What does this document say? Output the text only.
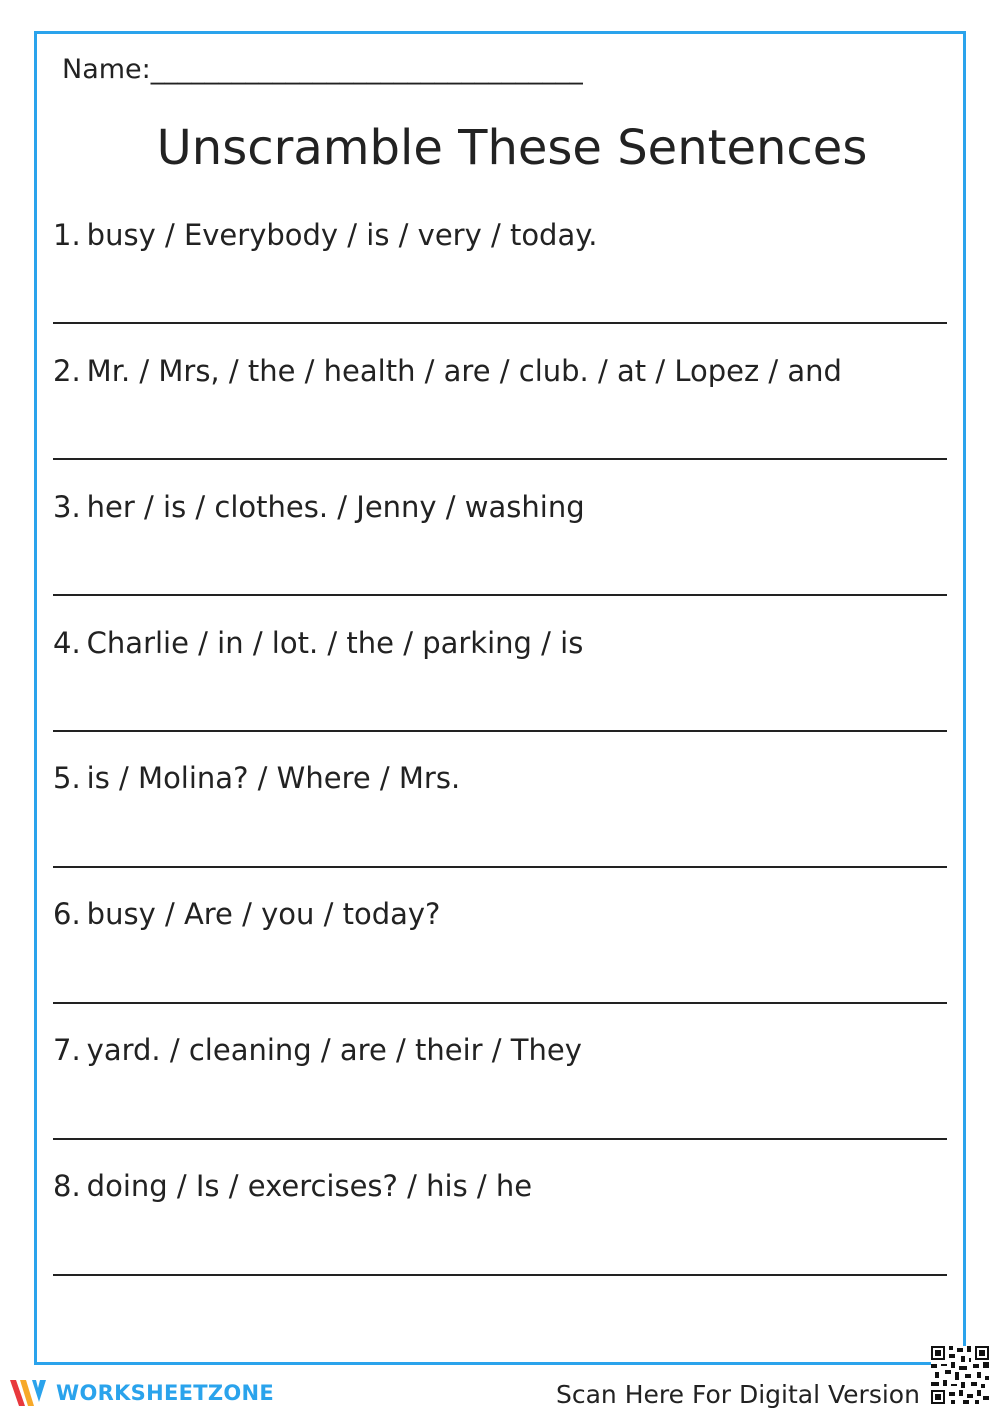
Name:________________________________
Unscramble These Sentences
1. busy / Everybody / is / very / today.
2. Mr. / Mrs, / the / health / are / club. / at / Lopez / and
3. her / is / clothes. / Jenny / washing
4. Charlie / in / lot. / the / parking / is
5. is / Molina? / Where / Mrs.
6. busy / Are / you / today?
7. yard. / cleaning / are / their / They
8. doing / Is / exercises? / his / he
WORKSHEETZONE	Scan Here For Digital Version
